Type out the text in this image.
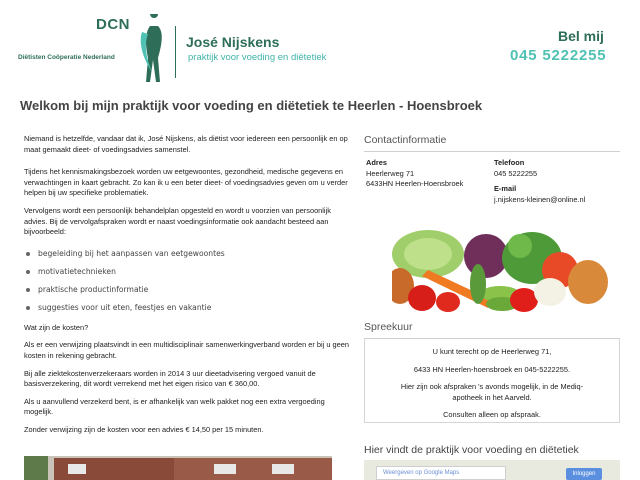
DCN
Diëtisten Coöperatie Nederland
José Nijskens
praktijk voor voeding en diëtetiek
Bel mij
045 5222255
Welkom bij mijn praktijk voor voeding en diëtetiek te Heerlen - Hoensbroek

Niemand is hetzelfde, vandaar dat ik, José Nijskens, als diëtist voor iedereen een persoonlijk en op maat gemaakt dieet- of voedingsadvies samenstel.

Tijdens het kennismakingsbezoek worden uw eetgewoontes, gezondheid, medische gegevens en verwachtingen in kaart gebracht. Zo kan ik u een beter dieet- of voedingsadvies geven om u verder helpen bij uw specifieke problematiek.

Vervolgens wordt een persoonlijk behandelplan opgesteld en wordt u voorzien van persoonlijk advies. Bij de vervolgafspraken wordt er naast voedingsinformatie ook aandacht besteed aan bijvoorbeeld:

begeleiding bij het aanpassen van eetgewoontes
motivatietechnieken
praktische productinformatie
suggesties voor uit eten, feestjes en vakantie

Wat zijn de kosten?

Als er een verwijzing plaatsvindt in een multidisciplinair samenwerkingverband worden er bij u geen kosten in rekening gebracht.

Bij alle ziektekostenverzekeraars worden in 2014 3 uur dieetadvisering vergoed vanuit de basisverzekering, dit wordt verrekend met het eigen risico van € 360,00.

Als u aanvullend verzekerd bent, is er afhankelijk van welk pakket nog een extra vergoeding mogelijk.

Zonder verwijzing zijn de kosten voor een advies € 14,50 per 15 minuten.

Contactinformatie
Adres
Heerlerweg 71
6433HN Heerlen-Hoensbroek
Telefoon
045 5222255
E-mail
j.nijskens-kleinen@online.nl
Spreekuur

U kunt terecht op de Heerlerweg 71,

6433 HN Heerlen-hoensbroek en 045-5222255.

Hier zijn ook afspraken 's avonds mogelijk, in de Mediq-

apotheek in het Aarveld.

Consulten alleen op afspraak.

Hier vindt de praktijk voor voeding en diëtetiek
Weergeven op Google Maps	Inloggen
